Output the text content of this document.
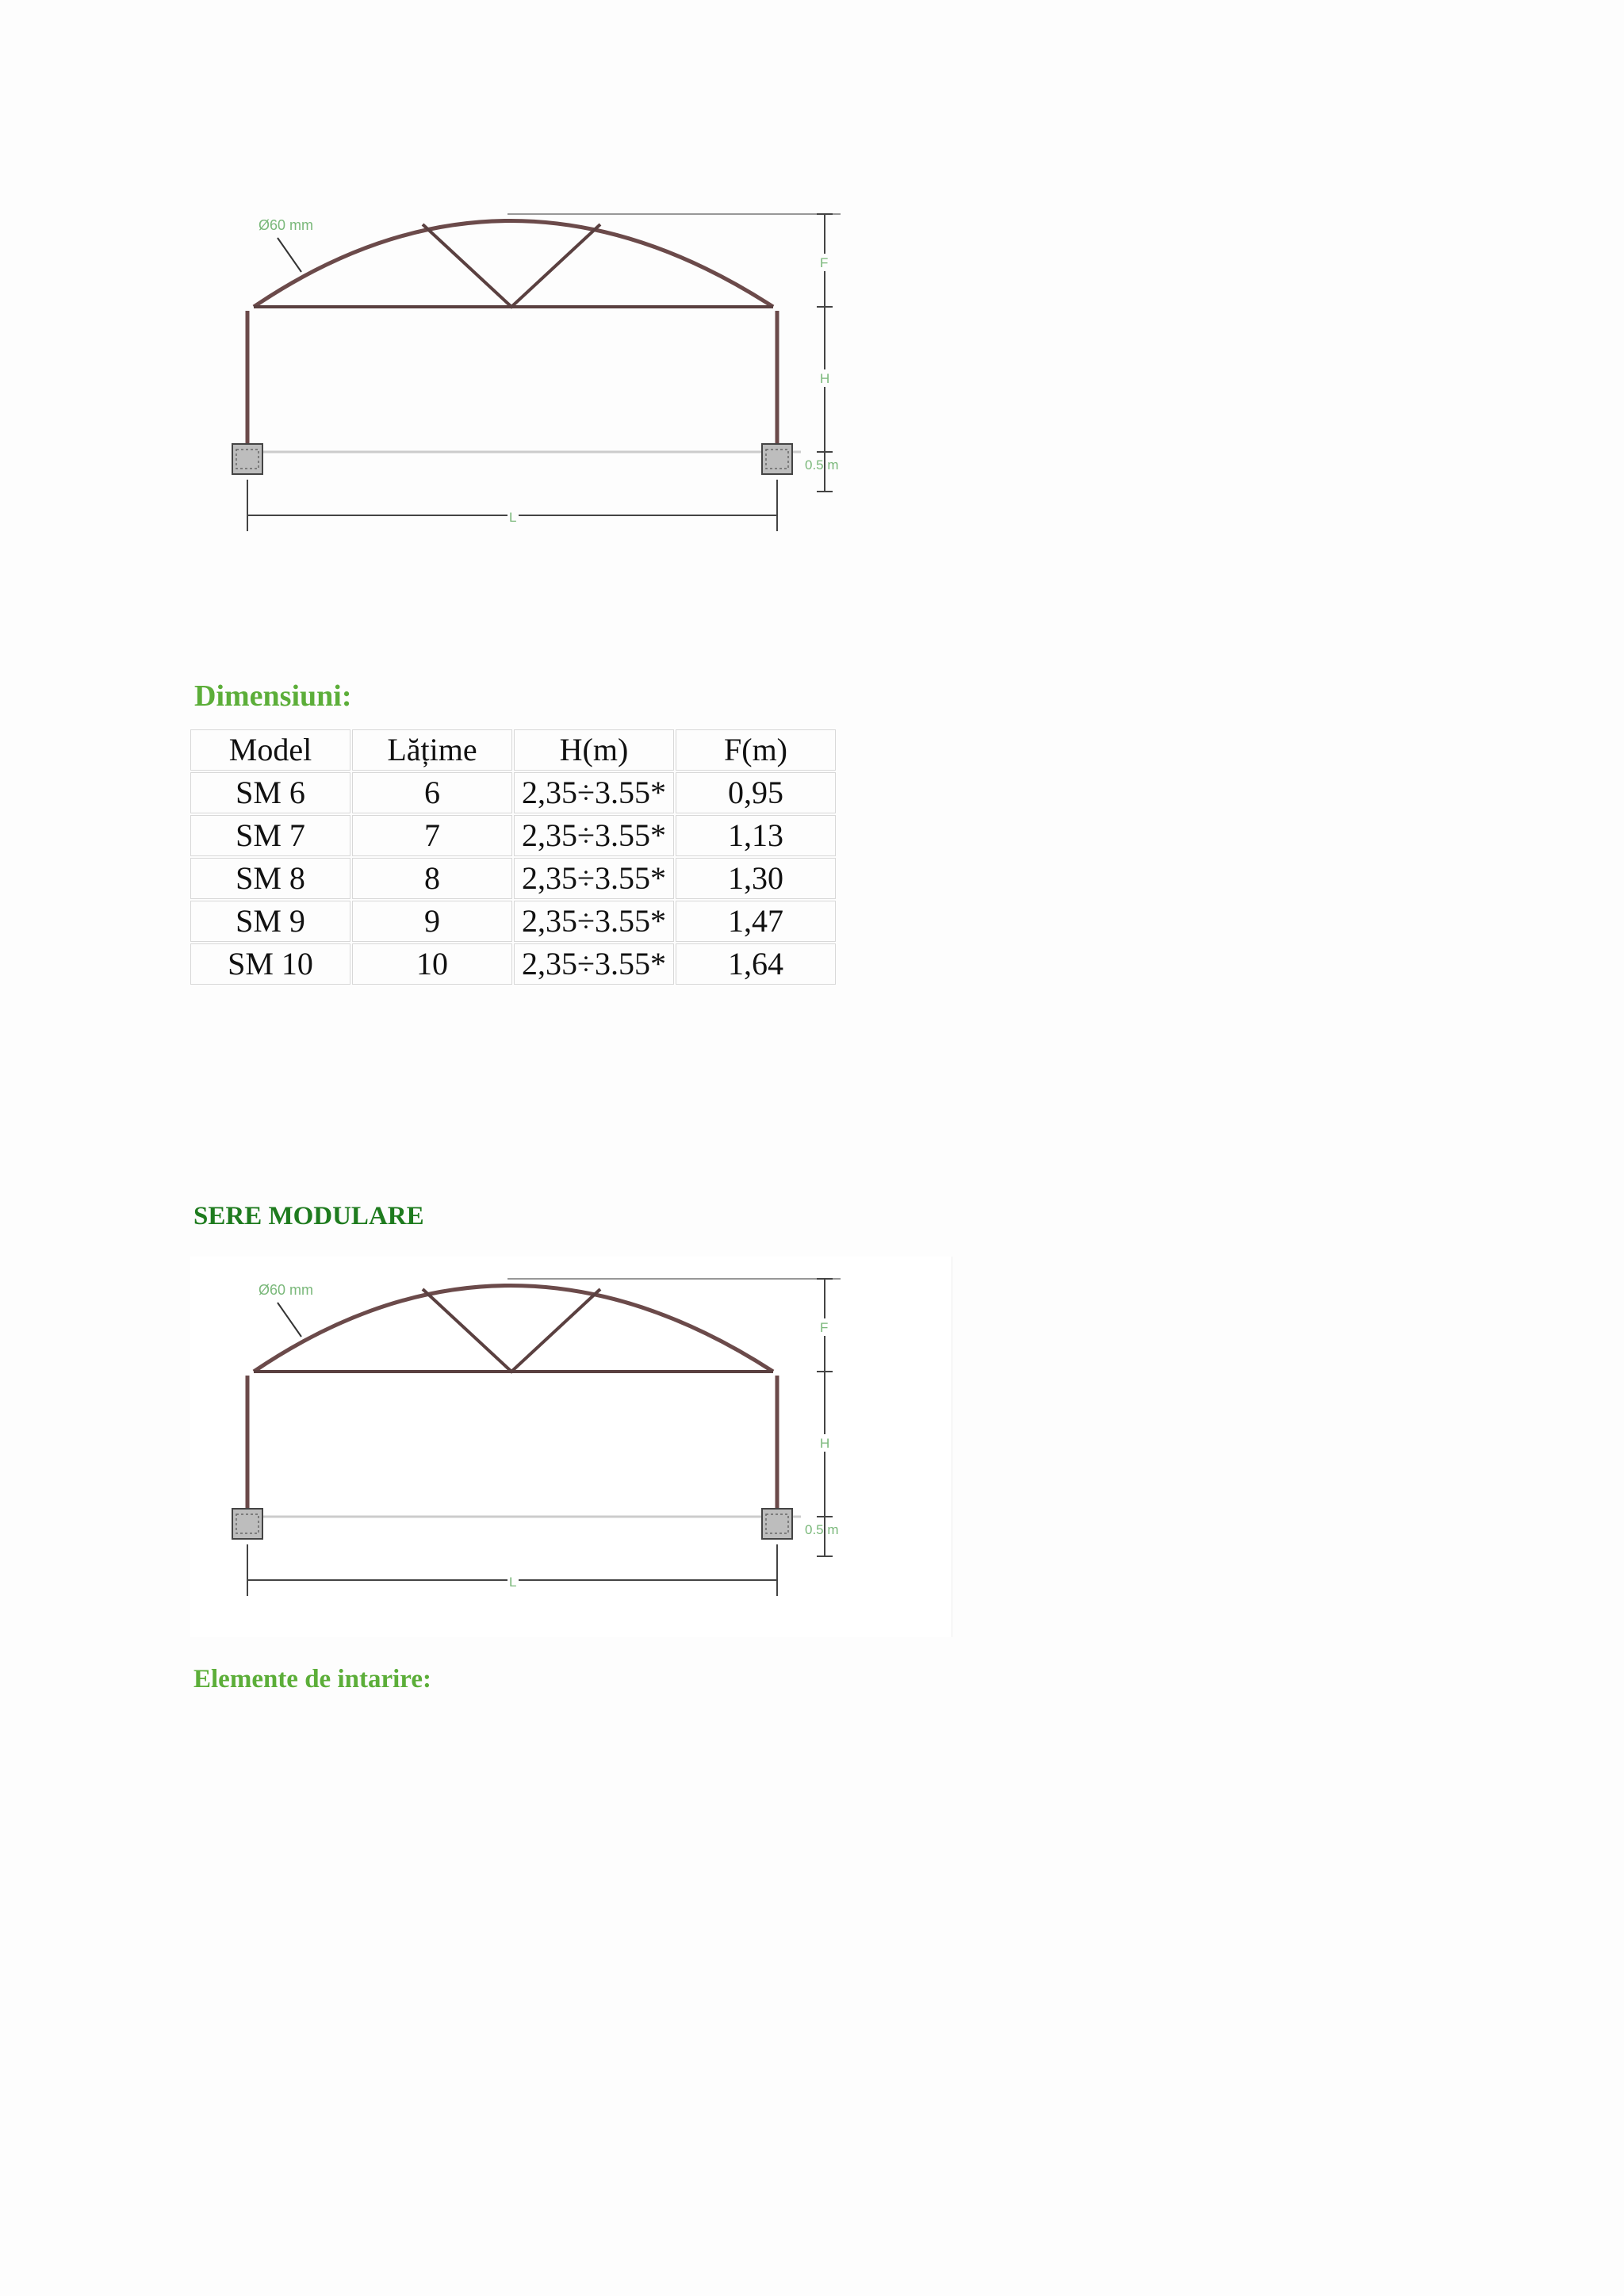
Ø60 mm
F
H
0.5 m
L
Dimensiuni:
Model	Lățime	H(m)	F(m)
SM 6	6	2,35÷3.55*	0,95
SM 7	7	2,35÷3.55*	1,13
SM 8	8	2,35÷3.55*	1,30
SM 9	9	2,35÷3.55*	1,47
SM 10	10	2,35÷3.55*	1,64
SERE MODULARE
Ø60 mm
F
H
0.5 m
L
Elemente de intarire:
